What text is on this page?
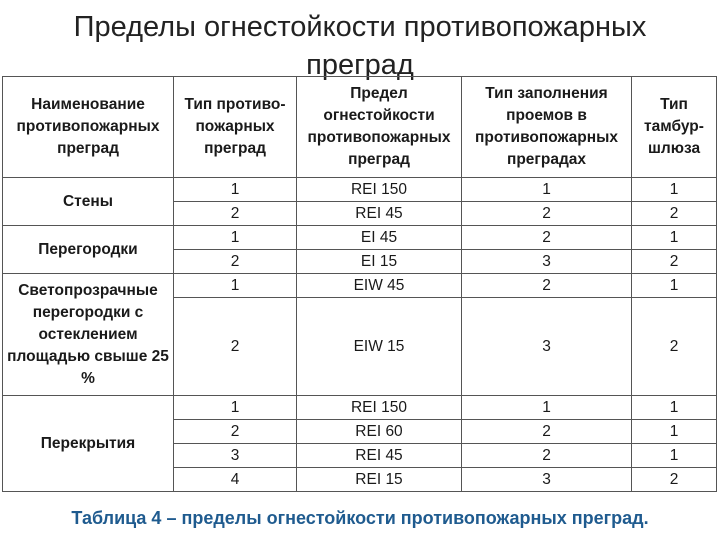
Пределы огнестойкости противопожарных
преград
Наименование противопожарных преград	Тип противо-пожарных преград	Предел огнестойкости противопожарных преград	Тип заполнения проемов в противопожарных преградах	Тип тамбур-шлюза
Стены	1	REI 150	1	1
	2	REI 45	2	2
Перегородки	1	EI 45	2	1
	2	EI 15	3	2
Светопрозрачные перегородки с остеклением площадью свыше 25 %	1	EIW 45	2	1
	2	EIW 15	3	2
Перекрытия	1	REI 150	1	1
	2	REI 60	2	1
	3	REI 45	2	1
	4	REI 15	3	2
Таблица 4 – пределы огнестойкости противопожарных преград.
